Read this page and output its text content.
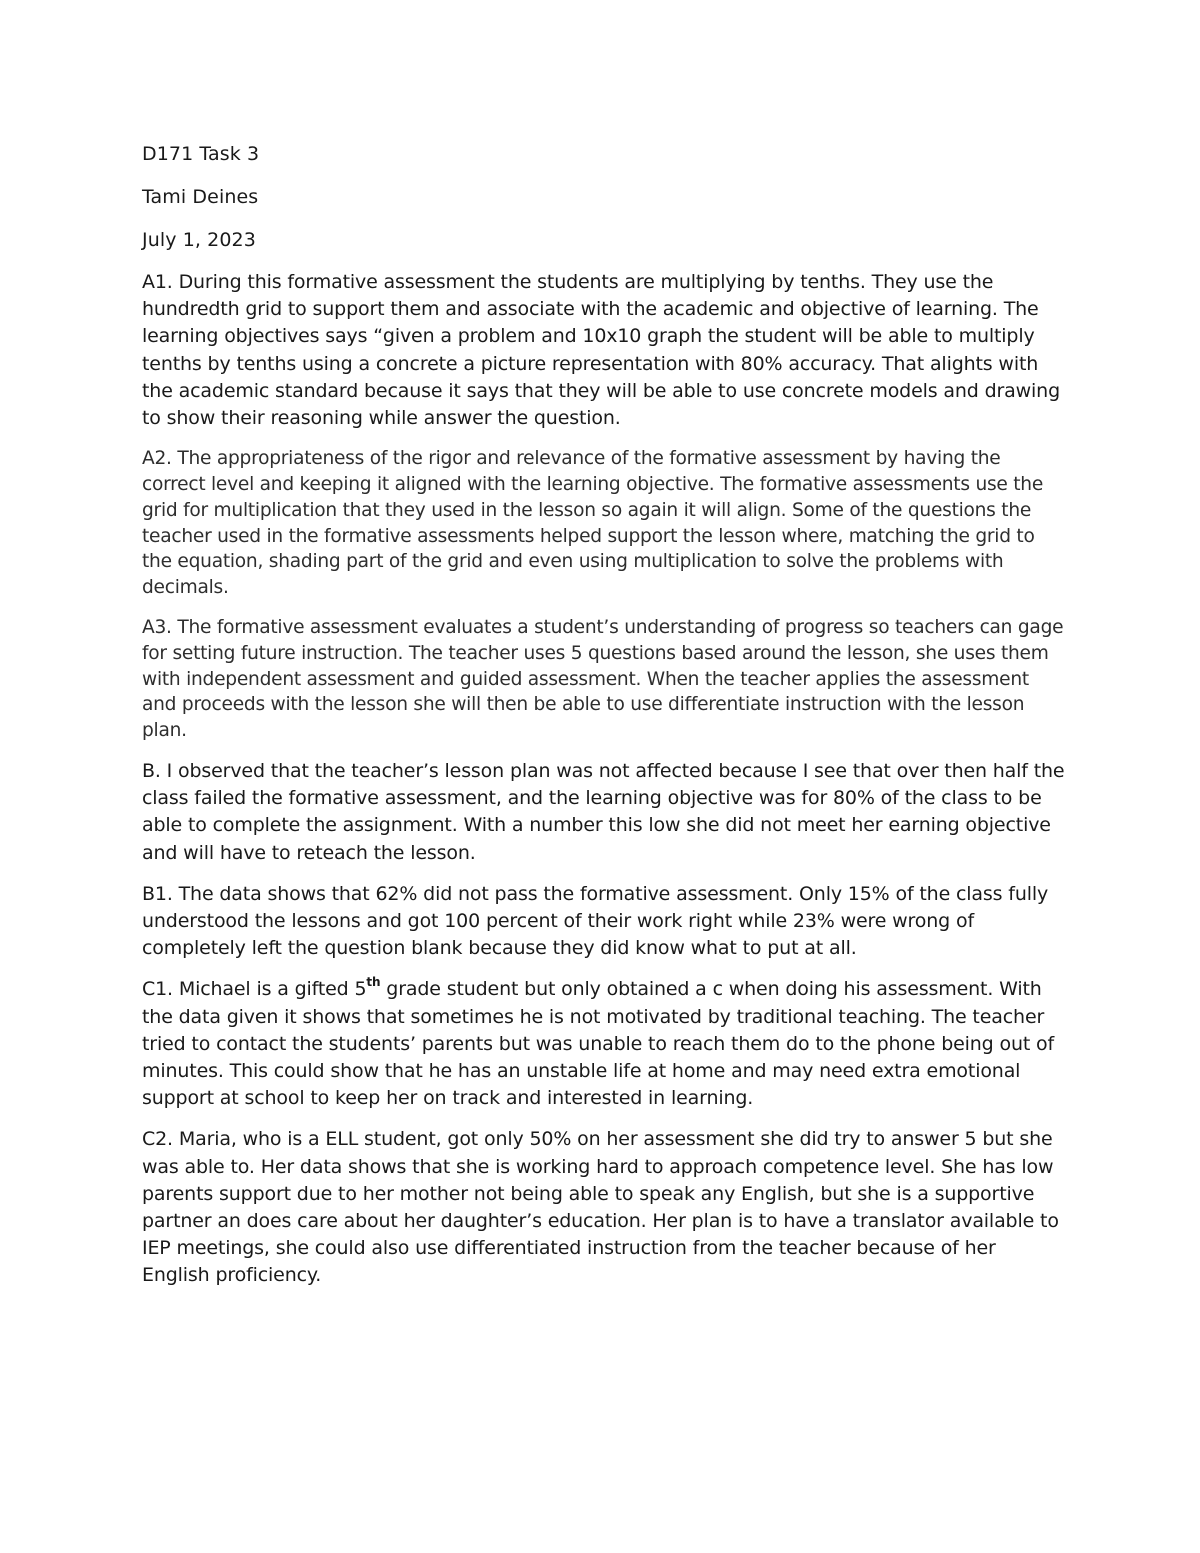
D171 Task 3

Tami Deines

July 1, 2023

A1. During this formative assessment the students are multiplying by tenths. They use the hundredth grid to support them and associate with the academic and objective of learning. The learning objectives says “given a problem and 10x10 graph the student will be able to multiply tenths by tenths using a concrete a picture representation with 80% accuracy. That alights with the academic standard because it says that they will be able to use concrete models and drawing to show their reasoning while answer the question.

A2. The appropriateness of the rigor and relevance of the formative assessment by having the correct level and keeping it aligned with the learning objective. The formative assessments use the grid for multiplication that they used in the lesson so again it will align. Some of the questions the teacher used in the formative assessments helped support the lesson where, matching the grid to the equation, shading part of the grid and even using multiplication to solve the problems with decimals.

A3. The formative assessment evaluates a student’s understanding of progress so teachers can gage for setting future instruction. The teacher uses 5 questions based around the lesson, she uses them with independent assessment and guided assessment. When the teacher applies the assessment and proceeds with the lesson she will then be able to use differentiate instruction with the lesson plan.

B. I observed that the teacher’s lesson plan was not affected because I see that over then half the class failed the formative assessment, and the learning objective was for 80% of the class to be able to complete the assignment. With a number this low she did not meet her earning objective and will have to reteach the lesson.

B1. The data shows that 62% did not pass the formative assessment. Only 15% of the class fully understood the lessons and got 100 percent of their work right while 23% were wrong of completely left the question blank because they did know what to put at all.

C1. Michael is a gifted 5th grade student but only obtained a c when doing his assessment. With the data given it shows that sometimes he is not motivated by traditional teaching. The teacher tried to contact the students’ parents but was unable to reach them do to the phone being out of minutes. This could show that he has an unstable life at home and may need extra emotional support at school to keep her on track and interested in learning.

C2. Maria, who is a ELL student, got only 50% on her assessment she did try to answer 5 but she was able to. Her data shows that she is working hard to approach competence level. She has low parents support due to her mother not being able to speak any English, but she is a supportive partner an does care about her daughter’s education. Her plan is to have a translator available to IEP meetings, she could also use differentiated instruction from the teacher because of her English proficiency.
